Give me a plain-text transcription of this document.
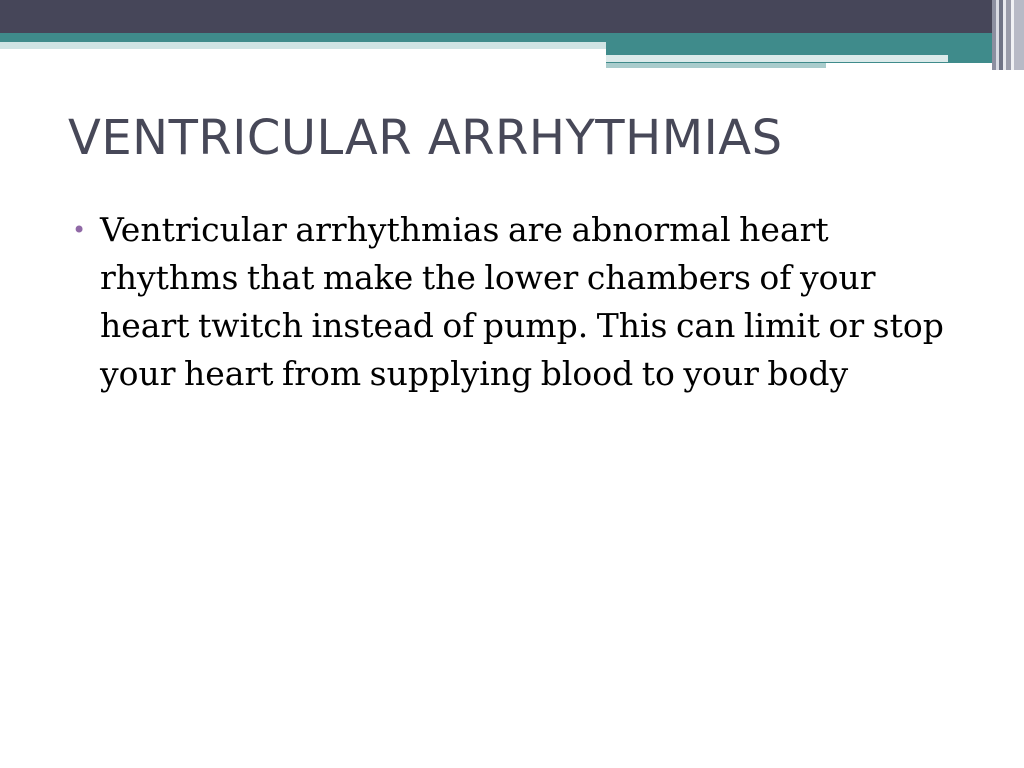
VENTRICULAR ARRHYTHMIAS
• Ventricular arrhythmias are abnormal heart rhythms that make the lower chambers of your heart twitch instead of pump. This can limit or stop your heart from supplying blood to your body
